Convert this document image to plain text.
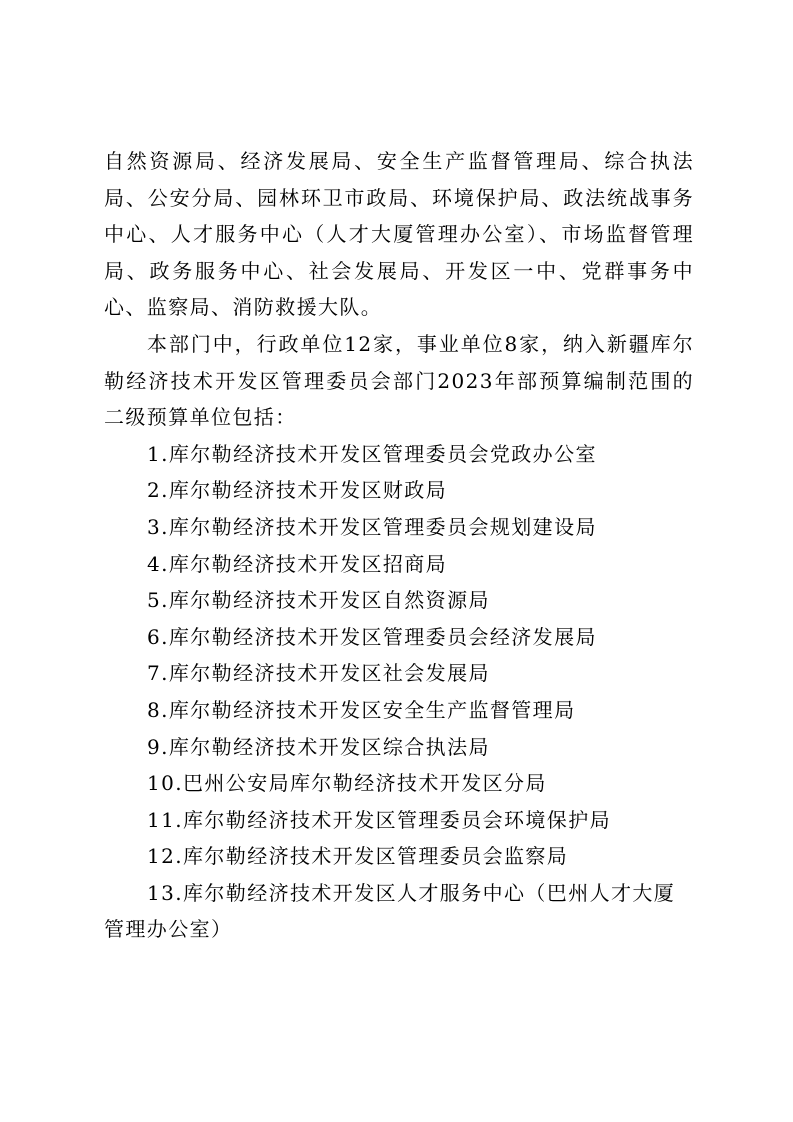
自然资源局、经济发展局、安全生产监督管理局、综合执法局、公安分局、园林环卫市政局、环境保护局、政法统战事务中心、人才服务中心（人才大厦管理办公室）、市场监督管理局、政务服务中心、社会发展局、开发区一中、党群事务中心、监察局、消防救援大队。

本部门中，行政单位12家，事业单位8家，纳入新疆库尔勒经济技术开发区管理委员会部门2023年部预算编制范围的二级预算单位包括：

1.库尔勒经济技术开发区管理委员会党政办公室
2.库尔勒经济技术开发区财政局
3.库尔勒经济技术开发区管理委员会规划建设局
4.库尔勒经济技术开发区招商局
5.库尔勒经济技术开发区自然资源局
6.库尔勒经济技术开发区管理委员会经济发展局
7.库尔勒经济技术开发区社会发展局
8.库尔勒经济技术开发区安全生产监督管理局
9.库尔勒经济技术开发区综合执法局
10.巴州公安局库尔勒经济技术开发区分局
11.库尔勒经济技术开发区管理委员会环境保护局
12.库尔勒经济技术开发区管理委员会监察局
13.库尔勒经济技术开发区人才服务中心（巴州人才大厦管理办公室）
